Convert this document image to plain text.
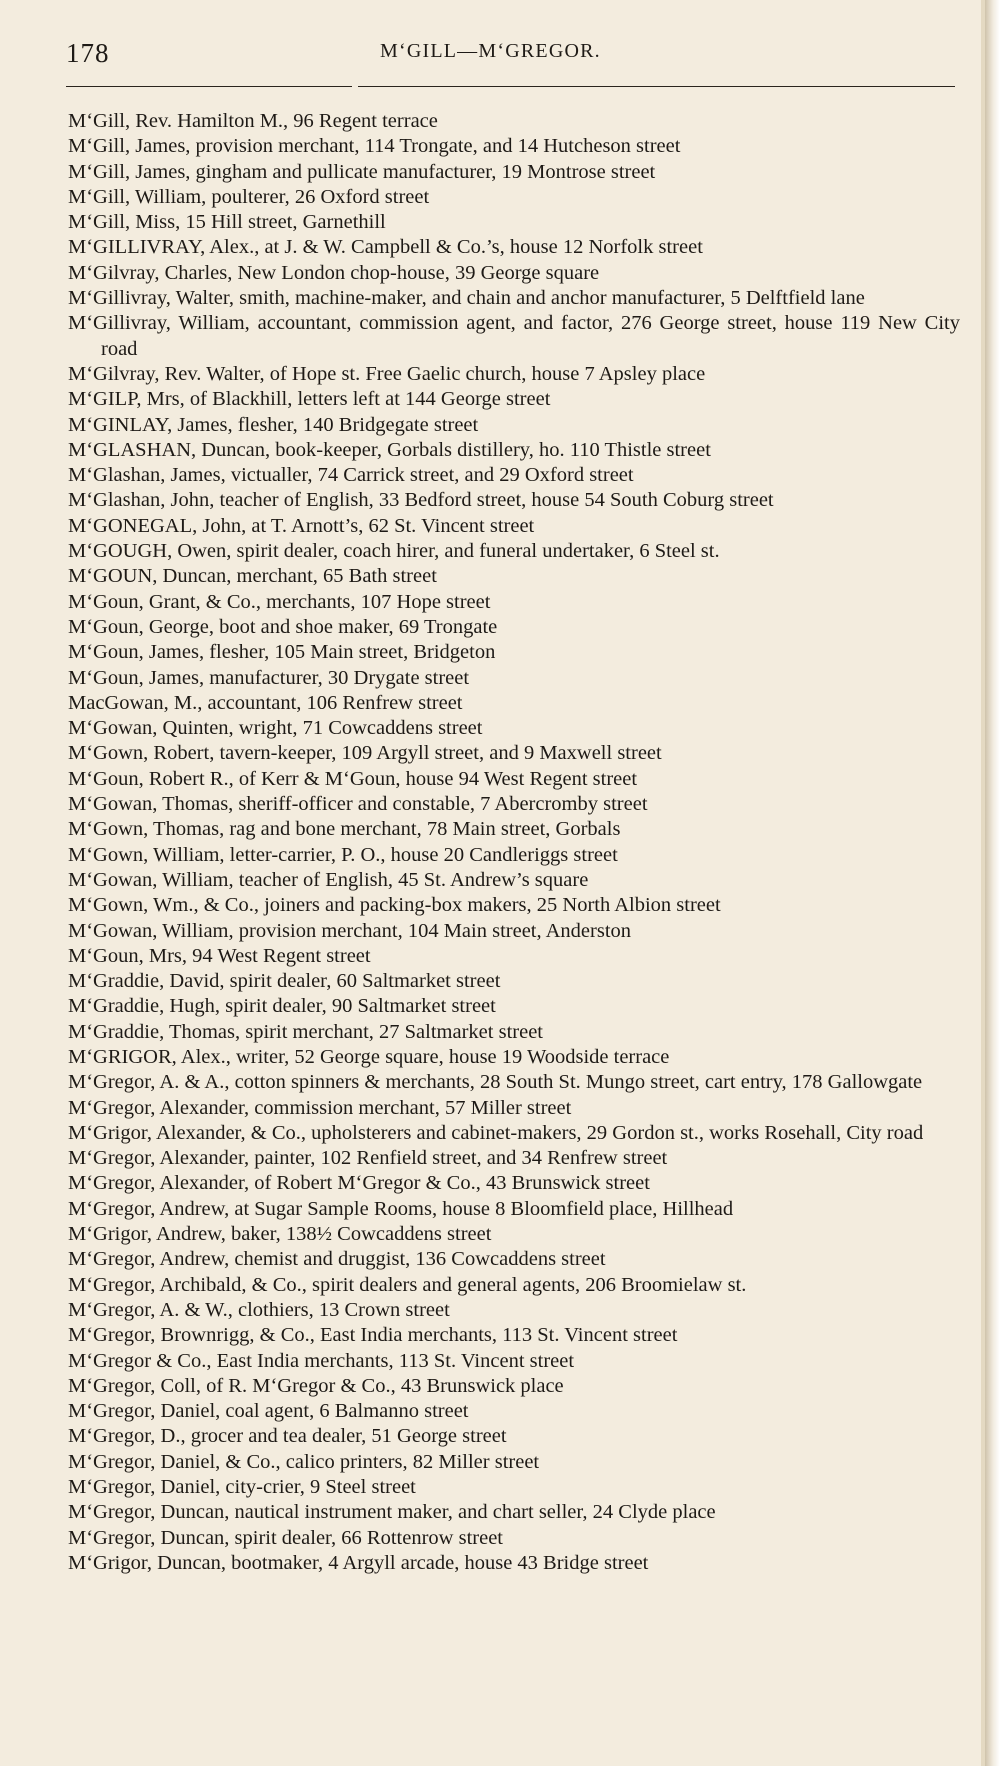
178	M‘GILL—M‘GREGOR.
M‘Gill, Rev. Hamilton M., 96 Regent terrace
M‘Gill, James, provision merchant, 114 Trongate, and 14 Hutcheson street
M‘Gill, James, gingham and pullicate manufacturer, 19 Montrose street
M‘Gill, William, poulterer, 26 Oxford street
M‘Gill, Miss, 15 Hill street, Garnethill
M‘GILLIVRAY, Alex., at J. & W. Campbell & Co.’s, house 12 Norfolk street
M‘Gilvray, Charles, New London chop-house, 39 George square
M‘Gillivray, Walter, smith, machine-maker, and chain and anchor manufacturer, 5 Delftfield lane
M‘Gillivray, William, accountant, commission agent, and factor, 276 George street, house 119 New City road
M‘Gilvray, Rev. Walter, of Hope st. Free Gaelic church, house 7 Apsley place
M‘GILP, Mrs, of Blackhill, letters left at 144 George street
M‘GINLAY, James, flesher, 140 Bridgegate street
M‘GLASHAN, Duncan, book-keeper, Gorbals distillery, ho. 110 Thistle street
M‘Glashan, James, victualler, 74 Carrick street, and 29 Oxford street
M‘Glashan, John, teacher of English, 33 Bedford street, house 54 South Coburg street
M‘GONEGAL, John, at T. Arnott’s, 62 St. Vincent street
M‘GOUGH, Owen, spirit dealer, coach hirer, and funeral undertaker, 6 Steel st.
M‘GOUN, Duncan, merchant, 65 Bath street
M‘Goun, Grant, & Co., merchants, 107 Hope street
M‘Goun, George, boot and shoe maker, 69 Trongate
M‘Goun, James, flesher, 105 Main street, Bridgeton
M‘Goun, James, manufacturer, 30 Drygate street
MacGowan, M., accountant, 106 Renfrew street
M‘Gowan, Quinten, wright, 71 Cowcaddens street
M‘Gown, Robert, tavern-keeper, 109 Argyll street, and 9 Maxwell street
M‘Goun, Robert R., of Kerr & M‘Goun, house 94 West Regent street
M‘Gowan, Thomas, sheriff-officer and constable, 7 Abercromby street
M‘Gown, Thomas, rag and bone merchant, 78 Main street, Gorbals
M‘Gown, William, letter-carrier, P. O., house 20 Candleriggs street
M‘Gowan, William, teacher of English, 45 St. Andrew’s square
M‘Gown, Wm., & Co., joiners and packing-box makers, 25 North Albion street
M‘Gowan, William, provision merchant, 104 Main street, Anderston
M‘Goun, Mrs, 94 West Regent street
M‘Graddie, David, spirit dealer, 60 Saltmarket street
M‘Graddie, Hugh, spirit dealer, 90 Saltmarket street
M‘Graddie, Thomas, spirit merchant, 27 Saltmarket street
M‘GRIGOR, Alex., writer, 52 George square, house 19 Woodside terrace
M‘Gregor, A. & A., cotton spinners & merchants, 28 South St. Mungo street, cart entry, 178 Gallowgate
M‘Gregor, Alexander, commission merchant, 57 Miller street
M‘Grigor, Alexander, & Co., upholsterers and cabinet-makers, 29 Gordon st., works Rosehall, City road
M‘Gregor, Alexander, painter, 102 Renfield street, and 34 Renfrew street
M‘Gregor, Alexander, of Robert M‘Gregor & Co., 43 Brunswick street
M‘Gregor, Andrew, at Sugar Sample Rooms, house 8 Bloomfield place, Hillhead
M‘Grigor, Andrew, baker, 138½ Cowcaddens street
M‘Gregor, Andrew, chemist and druggist, 136 Cowcaddens street
M‘Gregor, Archibald, & Co., spirit dealers and general agents, 206 Broomielaw st.
M‘Gregor, A. & W., clothiers, 13 Crown street
M‘Gregor, Brownrigg, & Co., East India merchants, 113 St. Vincent street
M‘Gregor & Co., East India merchants, 113 St. Vincent street
M‘Gregor, Coll, of R. M‘Gregor & Co., 43 Brunswick place
M‘Gregor, Daniel, coal agent, 6 Balmanno street
M‘Gregor, D., grocer and tea dealer, 51 George street
M‘Gregor, Daniel, & Co., calico printers, 82 Miller street
M‘Gregor, Daniel, city-crier, 9 Steel street
M‘Gregor, Duncan, nautical instrument maker, and chart seller, 24 Clyde place
M‘Gregor, Duncan, spirit dealer, 66 Rottenrow street
M‘Grigor, Duncan, bootmaker, 4 Argyll arcade, house 43 Bridge street
